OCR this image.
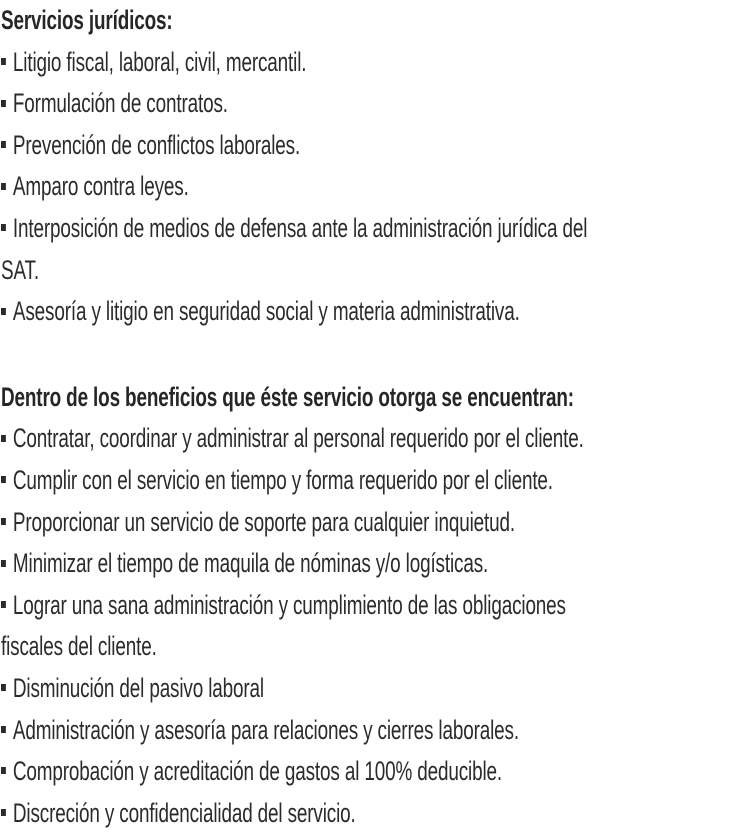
Servicios jurídicos:
Litigio fiscal, laboral, civil, mercantil.
Formulación de contratos.
Prevención de conflictos laborales.
Amparo contra leyes.
Interposición de medios de defensa ante la administración jurídica del
SAT.
Asesoría y litigio en seguridad social y materia administrativa.
Dentro de los beneficios que éste servicio otorga se encuentran:
Contratar, coordinar y administrar al personal requerido por el cliente.
Cumplir con el servicio en tiempo y forma requerido por el cliente.
Proporcionar un servicio de soporte para cualquier inquietud.
Minimizar el tiempo de maquila de nóminas y/o logísticas.
Lograr una sana administración y cumplimiento de las obligaciones
fiscales del cliente.
Disminución del pasivo laboral
Administración y asesoría para relaciones y cierres laborales.
Comprobación y acreditación de gastos al 100% deducible.
Discreción y confidencialidad del servicio.
